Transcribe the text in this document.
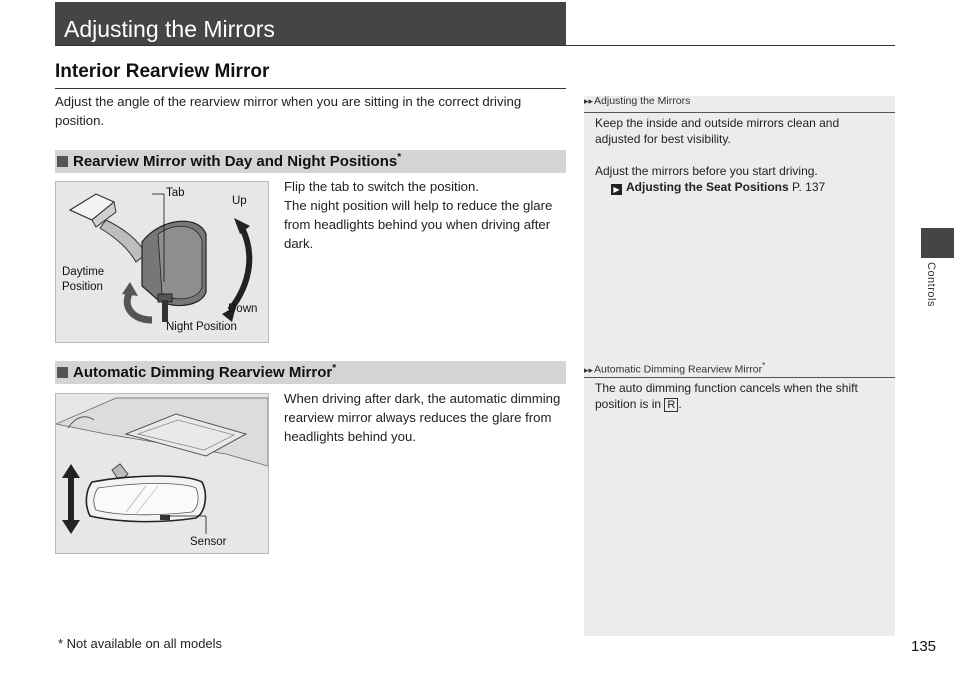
Adjusting the Mirrors
Interior Rearview Mirror
Adjust the angle of the rearview mirror when you are sitting in the correct driving position.
Rearview Mirror with Day and Night Positions*
Tab
Up
Daytime
Position
Down
Night Position
Flip the tab to switch the position.
The night position will help to reduce the glare from headlights behind you when driving after dark.
Automatic Dimming Rearview Mirror*
Sensor
When driving after dark, the automatic dimming rearview mirror always reduces the glare from headlights behind you.
▸▸Adjusting the Mirrors
Keep the inside and outside mirrors clean and adjusted for best visibility.
Adjust the mirrors before you start driving.
▶ Adjusting the Seat Positions P. 137
▸▸Automatic Dimming Rearview Mirror*
The auto dimming function cancels when the shift position is in R .
Controls
* Not available on all models	135
